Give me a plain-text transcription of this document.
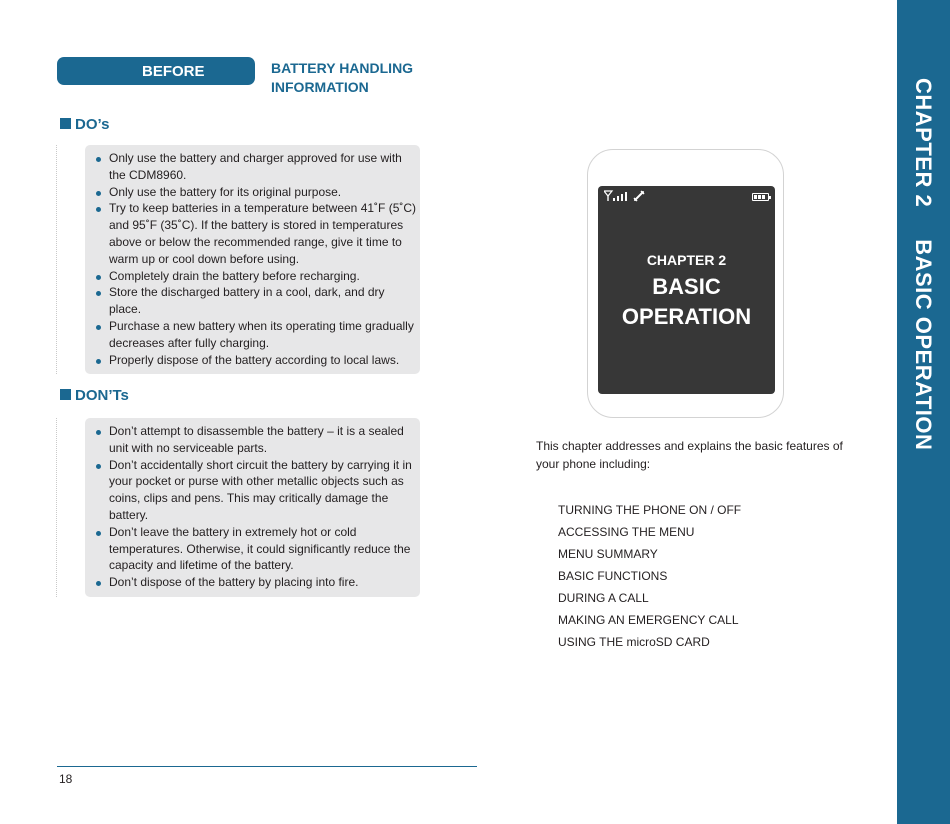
BEFORE USING
BATTERY HANDLING INFORMATION
DO’s
Only use the battery and charger approved for use with the CDM8960.
Only use the battery for its original purpose.
Try to keep batteries in a temperature between 41˚F (5˚C) and 95˚F (35˚C). If the battery is stored in temperatures above or below the recommended range, give it time to warm up or cool down before using.
Completely drain the battery before recharging.
Store the discharged battery in a cool, dark, and dry place.
Purchase a new battery when its operating time gradually decreases after fully charging.
Properly dispose of the battery according to local laws.
DON’Ts
Don’t attempt to disassemble the battery – it is a sealed unit with no serviceable parts.
Don’t accidentally short circuit the battery by carrying it in your pocket or purse with other metallic objects such as coins, clips and pens. This may critically damage the battery.
Don’t leave the battery in extremely hot or cold temperatures. Otherwise, it could significantly reduce the capacity and lifetime of the battery.
Don’t dispose of the battery by placing into fire.
18

CHAPTER 2
BASIC
OPERATION
This chapter addresses and explains the basic features of your phone including:
TURNING THE PHONE ON / OFF
ACCESSING THE MENU
MENU SUMMARY
BASIC FUNCTIONS
DURING A CALL
MAKING AN EMERGENCY CALL
USING THE microSD CARD
CHAPTER 2BASIC OPERATION
